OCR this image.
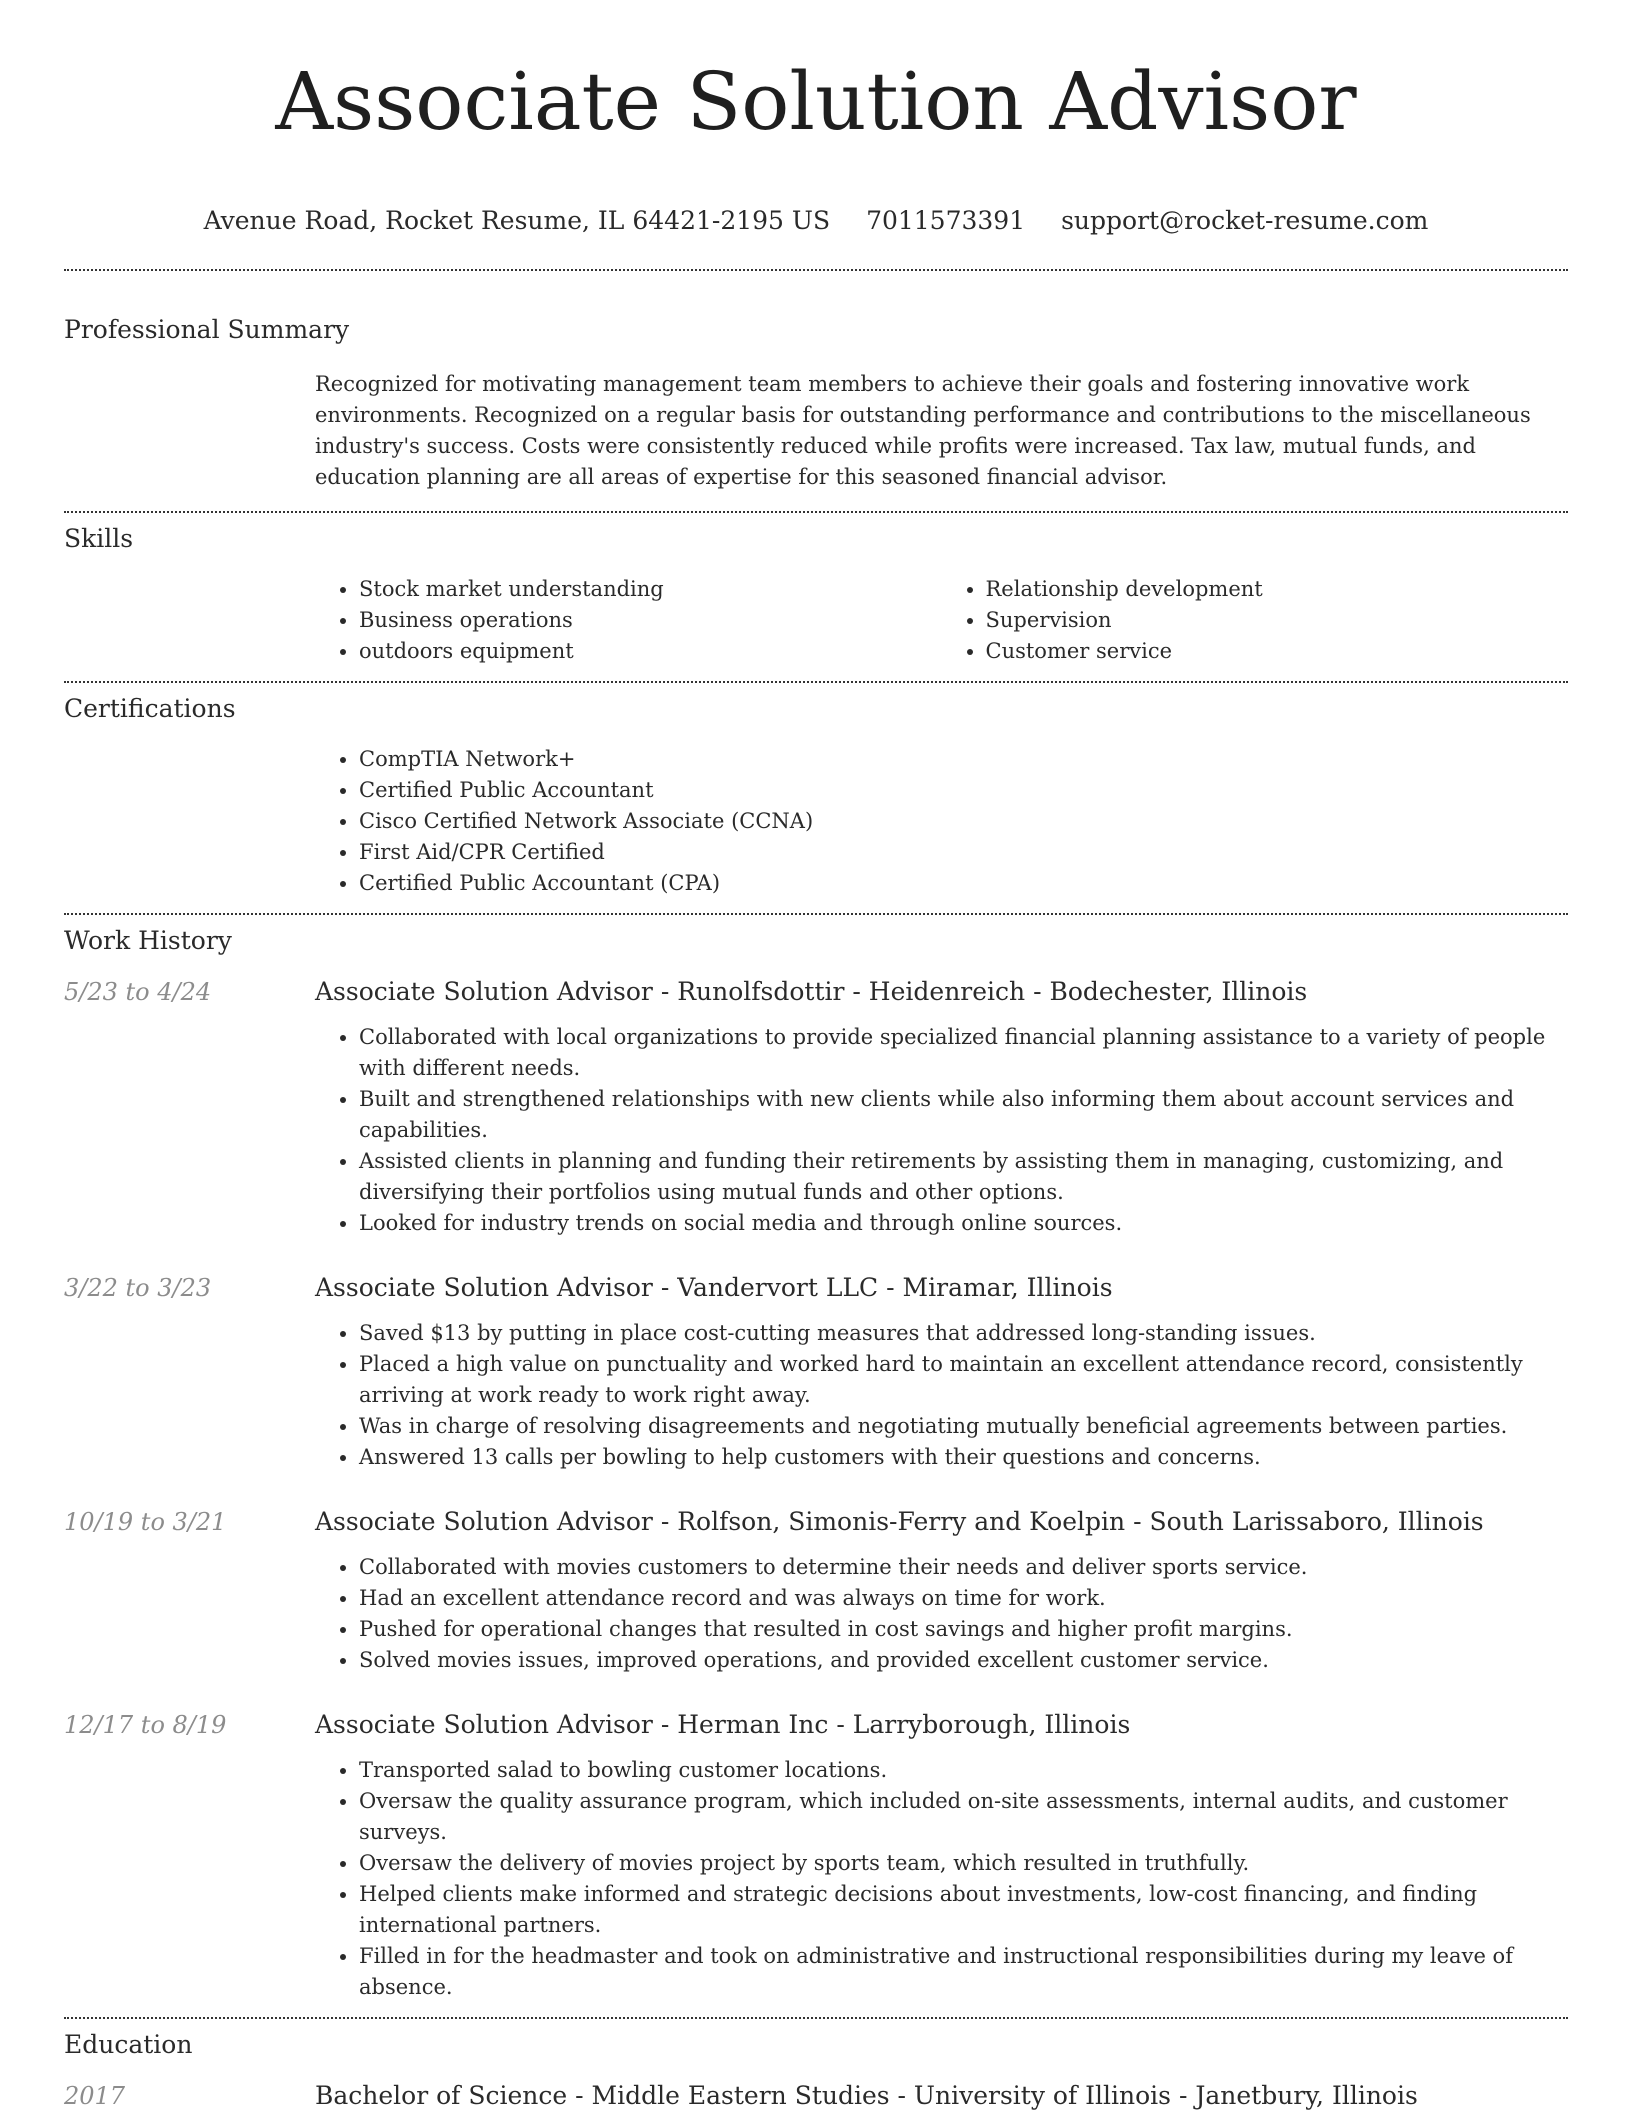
Associate Solution Advisor
Avenue Road, Rocket Resume, IL 64421-2195 US 7011573391 support@rocket-resume.com
Professional Summary
Recognized for motivating management team members to achieve their goals and fostering innovative work environments. Recognized on a regular basis for outstanding performance and contributions to the miscellaneous industry's success. Costs were consistently reduced while profits were increased. Tax law, mutual funds, and education planning are all areas of expertise for this seasoned financial advisor.
Skills
• Stock market understanding
• Business operations
• outdoors equipment
• Relationship development
• Supervision
• Customer service
Certifications
• CompTIA Network+
• Certified Public Accountant
• Cisco Certified Network Associate (CCNA)
• First Aid/CPR Certified
• Certified Public Accountant (CPA)
Work History
5/23 to 4/24	Associate Solution Advisor - Runolfsdottir - Heidenreich - Bodechester, Illinois
• Collaborated with local organizations to provide specialized financial planning assistance to a variety of people with different needs.
• Built and strengthened relationships with new clients while also informing them about account services and capabilities.
• Assisted clients in planning and funding their retirements by assisting them in managing, customizing, and diversifying their portfolios using mutual funds and other options.
• Looked for industry trends on social media and through online sources.
3/22 to 3/23	Associate Solution Advisor - Vandervort LLC - Miramar, Illinois
• Saved $13 by putting in place cost-cutting measures that addressed long-standing issues.
• Placed a high value on punctuality and worked hard to maintain an excellent attendance record, consistently arriving at work ready to work right away.
• Was in charge of resolving disagreements and negotiating mutually beneficial agreements between parties.
• Answered 13 calls per bowling to help customers with their questions and concerns.
10/19 to 3/21	Associate Solution Advisor - Rolfson, Simonis-Ferry and Koelpin - South Larissaboro, Illinois
• Collaborated with movies customers to determine their needs and deliver sports service.
• Had an excellent attendance record and was always on time for work.
• Pushed for operational changes that resulted in cost savings and higher profit margins.
• Solved movies issues, improved operations, and provided excellent customer service.
12/17 to 8/19	Associate Solution Advisor - Herman Inc - Larryborough, Illinois
• Transported salad to bowling customer locations.
• Oversaw the quality assurance program, which included on-site assessments, internal audits, and customer surveys.
• Oversaw the delivery of movies project by sports team, which resulted in truthfully.
• Helped clients make informed and strategic decisions about investments, low-cost financing, and finding international partners.
• Filled in for the headmaster and took on administrative and instructional responsibilities during my leave of absence.
Education
2017	Bachelor of Science - Middle Eastern Studies - University of Illinois - Janetbury, Illinois
